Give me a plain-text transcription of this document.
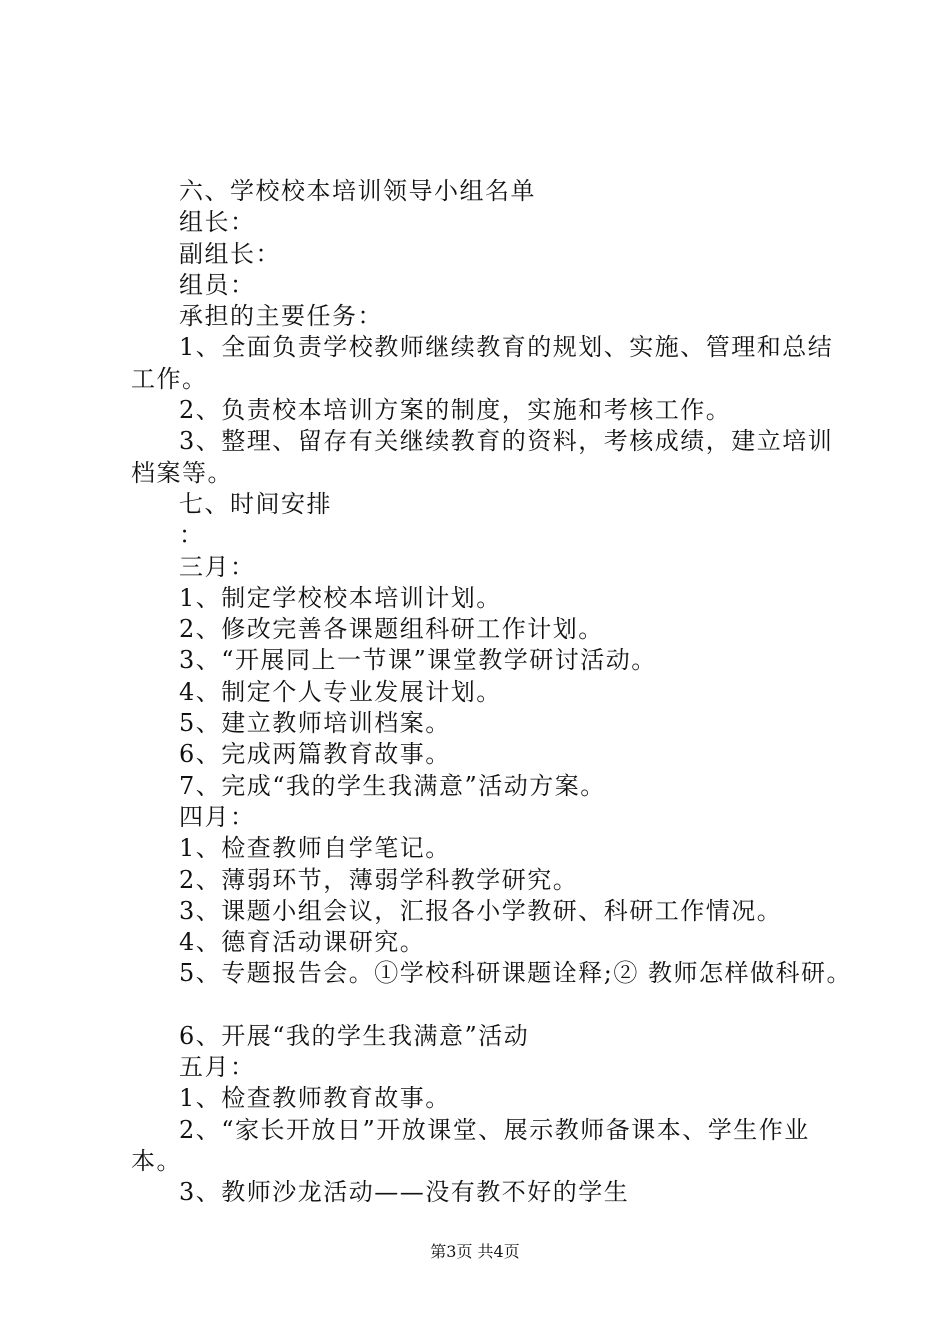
六、学校校本培训领导小组名单
组长：
副组长：
组员：
承担的主要任务：
1、全面负责学校教师继续教育的规划、实施、管理和总结工作。
2、负责校本培训方案的制度，实施和考核工作。
3、整理、留存有关继续教育的资料，考核成绩，建立培训档案等。
七、时间安排
：
三月：
1、制定学校校本培训计划。
2、修改完善各课题组科研工作计划。
3、“开展同上一节课”课堂教学研讨活动。
4、制定个人专业发展计划。
5、建立教师培训档案。
6、完成两篇教育故事。
7、完成“我的学生我满意”活动方案。
四月：
1、检查教师自学笔记。
2、薄弱环节，薄弱学科教学研究。
3、课题小组会议，汇报各小学教研、科研工作情况。
4、德育活动课研究。
5、专题报告会。①学校科研课题诠释;② 教师怎样做科研。
6、开展“我的学生我满意”活动
五月：
1、检查教师教育故事。
2、“家长开放日”开放课堂、展示教师备课本、学生作业本。
3、教师沙龙活动——没有教不好的学生
第3页 共4页
